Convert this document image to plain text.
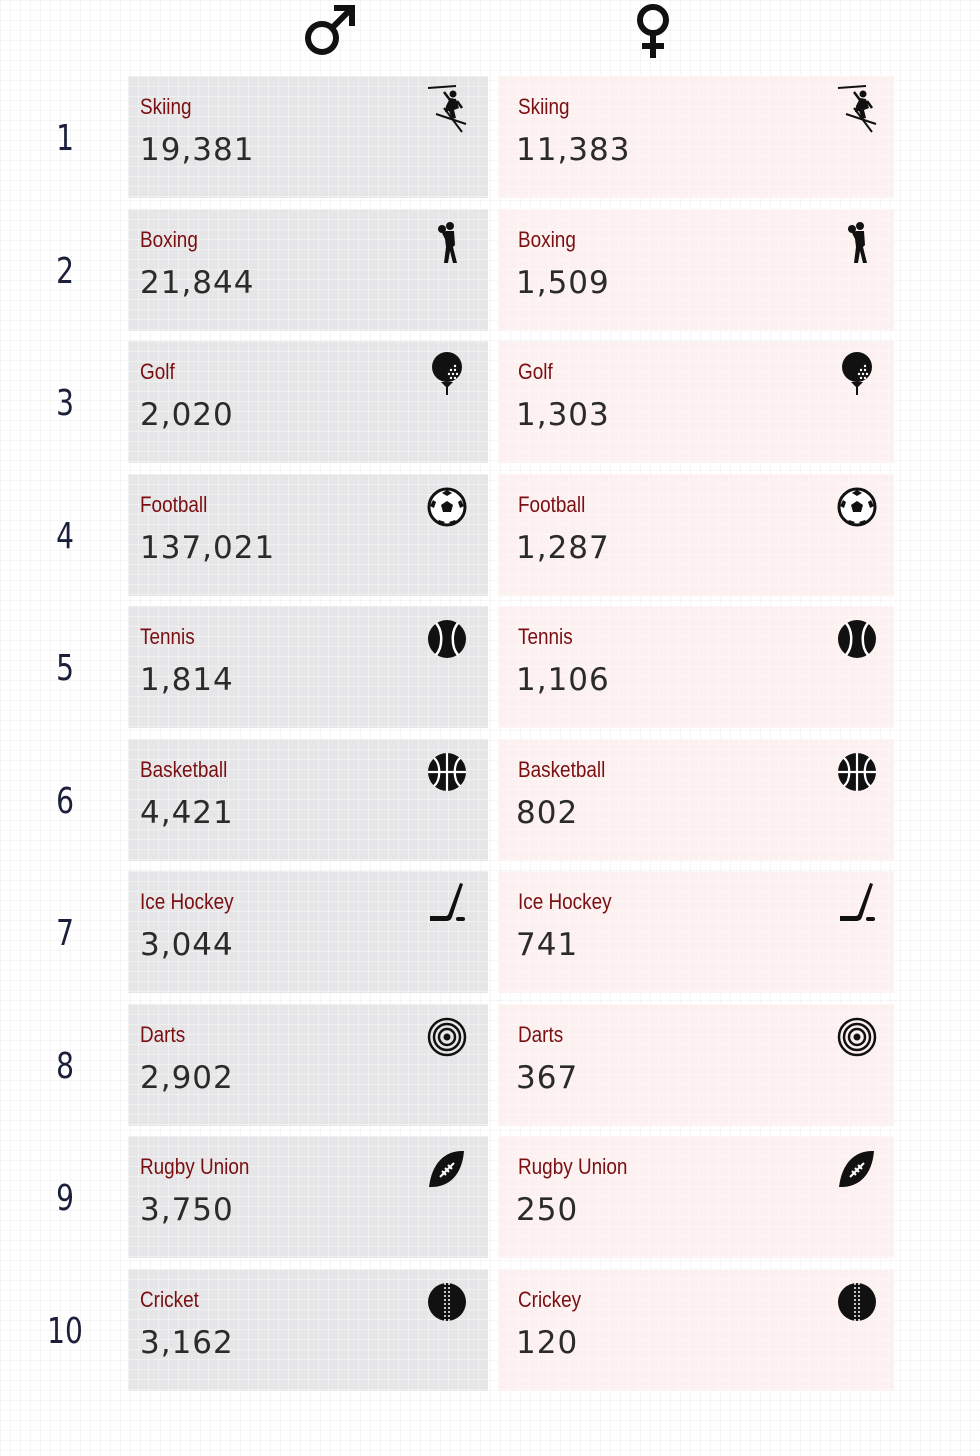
1
Skiing
19,381
Skiing
11,383
2
Boxing
21,844
Boxing
1,509
3
Golf
2,020
Golf
1,303
4
Football
137,021
Football
1,287
5
Tennis
1,814
Tennis
1,106
6
Basketball
4,421
Basketball
802
7
Ice Hockey
3,044
Ice Hockey
741
8
Darts
2,902
Darts
367
9
Rugby Union
3,750
Rugby Union
250
10
Cricket
3,162
Crickey
120
